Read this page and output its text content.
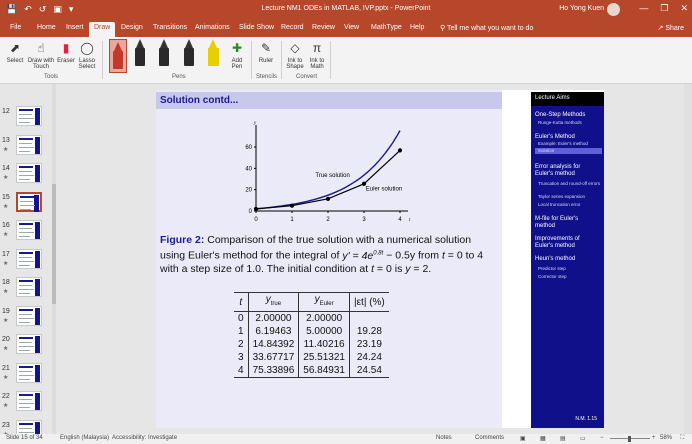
💾 ↶ ↺ ▣ ▾	Lecture NM1 ODEs in MATLAB, IVP.pptx - PowerPoint	Ho Yong Kuen	— ❐ ✕
File Home Insert	Draw	Design Transitions Animations Slide Show Record Review View MathType Help ⚲ Tell me what you want to do	↗ Share
⬈
Select
☝
Draw with Touch
▮
Eraser
◯
Lasso Select
Tools
✚
Add Pen
Pens
✎
Ruler
Stencils
◇
Ink to Shape
π
Ink to Math
Convert
12
13
★
14
★
15
★
16
★
17
★
18
★
19
★
20
★
21
★
22
★
23
Solution contd...
0	1	2	3	4
0
20
40
60
y
t
True solution
Euler solution
Figure 2: Comparison of the true solution with a numerical solution using Euler's method for the integral of $y' = 4e^{0.8t} - 0.5y$ from t = 0 to 4 with a step size of 1.0. The initial condition at t = 0 is y = 2.
t	$y_{true}$	$y_{Euler}$	|εt| (%)
0	2.00000	2.00000	
1	6.19463	5.00000	19.28
2	14.84392	11.40216	23.19
3	33.67717	25.51321	24.24
4	75.33896	56.84931	24.54
Lecture Aims
One-Step Methods
Runge-Kutta methods
Euler's Method
Example: Euler's method
Solution
Error analysis for Euler's method
Truncation and round-off errors
Taylor series expansion
Local truncation error
M-file for Euler's method
Improvements of Euler's method
Heun's method
Predictor step
Corrector step
N.M. 1.15
Slide 15 of 34	English (Malaysia) Accessibility: Investigate	Notes	Comments	▣ ▦ ▤ ▭ −	+ 58% ⛶
